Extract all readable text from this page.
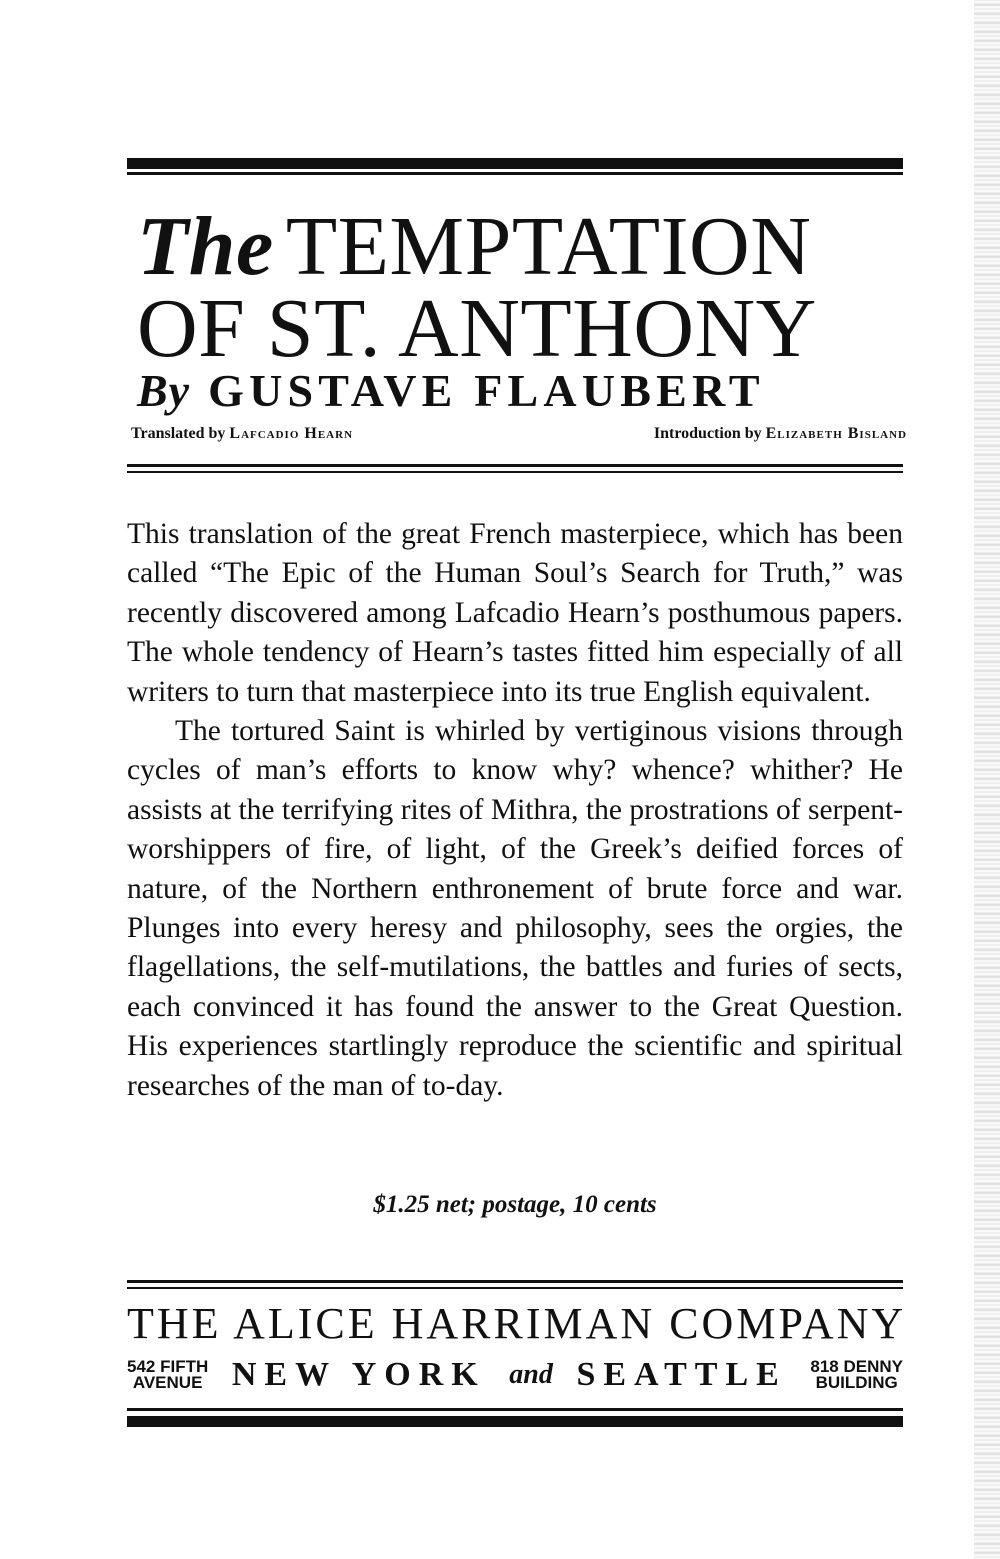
The TEMPTATION
OF ST. ANTHONY
By GUSTAVE FLAUBERT
Translated by Lafcadio Hearn	Introduction by Elizabeth Bisland

This translation of the great French masterpiece, which has been called “The Epic of the Human Soul’s Search for Truth,” was recently discovered among Lafcadio Hearn’s posthumous papers. The whole tendency of Hearn’s tastes fitted him especially of all writers to turn that masterpiece into its true English equivalent.

The tortured Saint is whirled by vertiginous visions through cycles of man’s efforts to know why? whence? whither? He assists at the terrifying rites of Mithra, the prostrations of serpent-worshippers of fire, of light, of the Greek’s deified forces of nature, of the Northern enthronement of brute force and war. Plunges into every heresy and philosophy, sees the orgies, the flagellations, the self-mutilations, the battles and furies of sects, each convinced it has found the answer to the Great Question. His experiences startlingly reproduce the scientific and spiritual researches of the man of to-day.

$1.25 net; postage, 10 cents
THE ALICE HARRIMAN COMPANY
542 FIFTH
AVENUE NEW YORK and SEATTLE 818 DENNY
BUILDING
